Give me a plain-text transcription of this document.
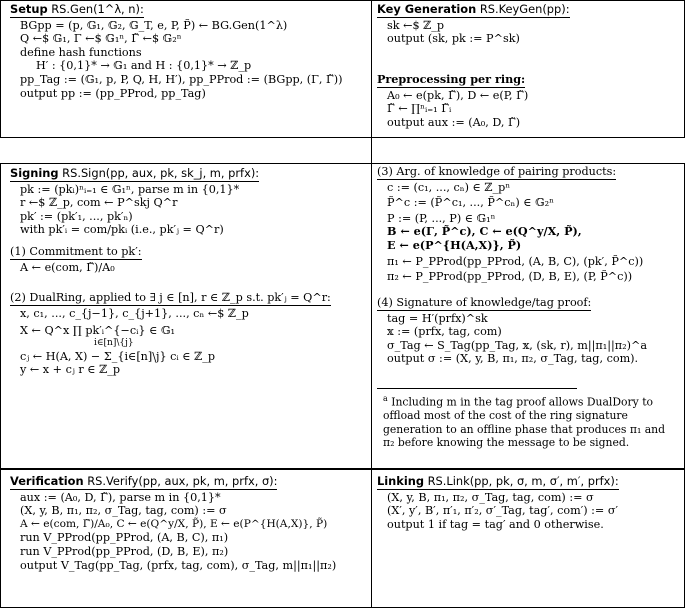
Setup RS.Gen(1^λ, n):
BGpp = (p, 𝔾₁, 𝔾₂, 𝔾_T, e, P, P̃) ← BG.Gen(1^λ)
Q ←$ 𝔾₁, Γ ←$ 𝔾₁ⁿ, Γ̃ ←$ 𝔾₂ⁿ
define hash functions
H′ : {0,1}* → 𝔾₁ and H : {0,1}* → ℤ_p
pp_Tag := (𝔾₁, p, P, Q, H, H′), pp_PProd := (BGpp, (Γ, Γ̃))
output pp := (pp_PProd, pp_Tag)
Key Generation RS.KeyGen(pp):
sk ←$ ℤ_p
output (sk, pk := P^sk)
Preprocessing per ring:
A₀ ← e(pk, Γ̃), D ← e(P, Γ̃)
Γ̃ ← ∏ⁿᵢ₌₁ Γ̃ᵢ
output aux := (A₀, D, Γ̃)
Signing RS.Sign(pp, aux, pk, sk_j, m, prfx):
pk := (pkᵢ)ⁿᵢ₌₁ ∈ 𝔾₁ⁿ, parse m in {0,1}*
r ←$ ℤ_p, com ← P^skj Q^r
pk′ := (pk′₁, ..., pk′ₙ)
with pk′ᵢ = com/pkᵢ (i.e., pk′ⱼ = Q^r)
(1) Commitment to pk′:
A ← e(com, Γ̃)/A₀
(2) DualRing, applied to ∃ j ∈ [n], r ∈ ℤ_p s.t. pk′ⱼ = Q^r:
x, c₁, ..., c_{j−1}, c_{j+1}, ..., cₙ ←$ ℤ_p
X ← Q^x ∏ pk′ᵢ^{−cᵢ} ∈ 𝔾₁
i∈[n]\{j}
cⱼ ← H(A, X) − Σ_{i∈[n]\j} cᵢ ∈ ℤ_p
y ← x + cⱼ r ∈ ℤ_p
(3) Arg. of knowledge of pairing products:
c := (c₁, ..., cₙ) ∈ ℤ_pⁿ
P̃^c := (P̃^c₁, ..., P̃^cₙ) ∈ 𝔾₂ⁿ
P := (P, ..., P) ∈ 𝔾₁ⁿ
B ← e(Γ, P̃^c), C ← e(Q^y/X, P̃),
E ← e(P^{H(A,X)}, P̃)
π₁ ← P_PProd(pp_PProd, (A, B, C), (pk′, P̃^c))
π₂ ← P_PProd(pp_PProd, (D, B, E), (P, P̃^c))
(4) Signature of knowledge/tag proof:
tag = H′(prfx)^sk
𝕩 := (prfx, tag, com)
σ_Tag ← S_Tag(pp_Tag, 𝕩, (sk, r), m||π₁||π₂)^a
output σ := (X, y, B, π₁, π₂, σ_Tag, tag, com).
$^a$ Including m in the tag proof allows DualDory to offload most of the cost of the ring signature generation to an offline phase that produces π₁ and π₂ before knowing the message to be signed.
Verification RS.Verify(pp, aux, pk, m, prfx, σ):
aux := (A₀, D, Γ̃), parse m in {0,1}*
(X, y, B, π₁, π₂, σ_Tag, tag, com) := σ
A ← e(com, Γ̃)/A₀, C ← e(Q^y/X, P̃), E ← e(P^{H(A,X)}, P̃)
run V_PProd(pp_PProd, (A, B, C), π₁)
run V_PProd(pp_PProd, (D, B, E), π₂)
output V_Tag(pp_Tag, (prfx, tag, com), σ_Tag, m||π₁||π₂)
Linking RS.Link(pp, pk, σ, m, σ′, m′, prfx):
(X, y, B, π₁, π₂, σ_Tag, tag, com) := σ
(X′, y′, B′, π′₁, π′₂, σ′_Tag, tag′, com′) := σ′
output 1 if tag = tag′ and 0 otherwise.
